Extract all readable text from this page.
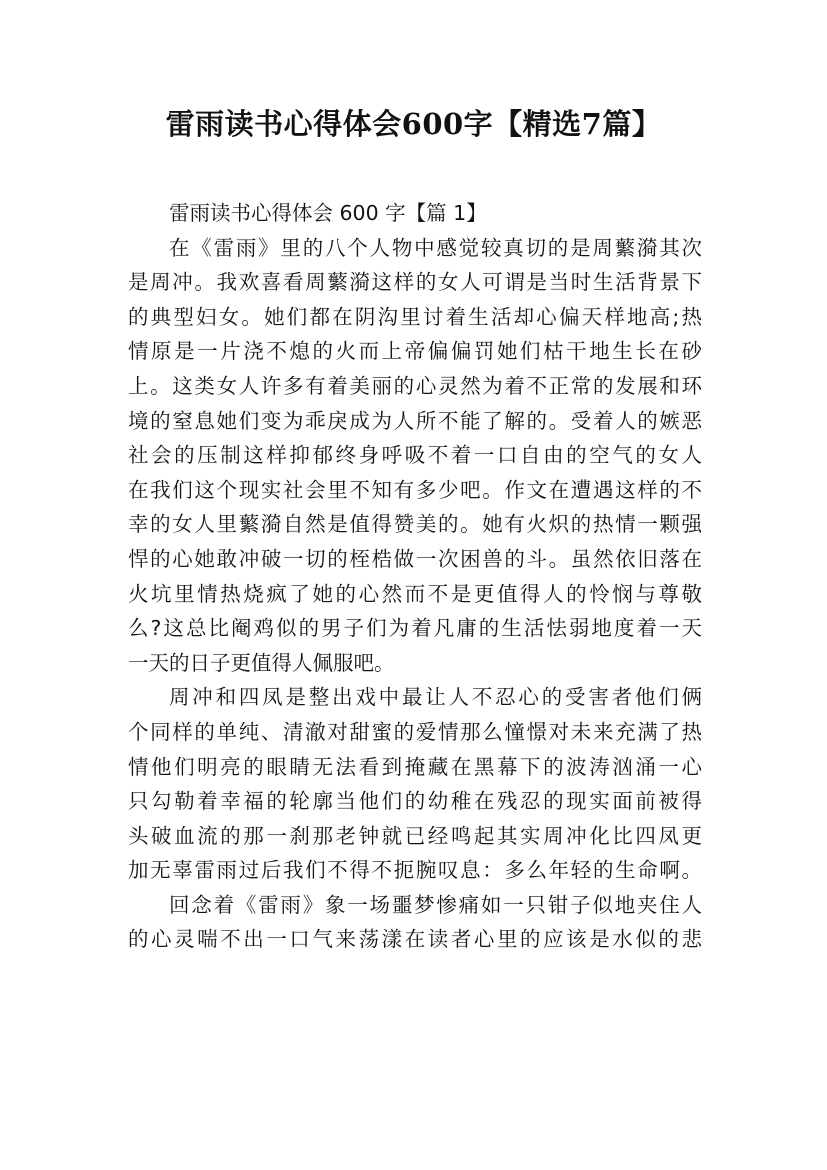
雷雨读书心得体会600字【精选7篇】
雷雨读书心得体会 600 字【篇 1】
在《雷雨》里的八个人物中感觉较真切的是周蘩漪其次
是周冲。我欢喜看周蘩漪这样的女人可谓是当时生活背景下
的典型妇女。她们都在阴沟里讨着生活却心偏天样地高;热
情原是一片浇不熄的火而上帝偏偏罚她们枯干地生长在砂
上。这类女人许多有着美丽的心灵然为着不正常的发展和环
境的窒息她们变为乖戾成为人所不能了解的。受着人的嫉恶
社会的压制这样抑郁终身呼吸不着一口自由的空气的女人
在我们这个现实社会里不知有多少吧。作文在遭遇这样的不
幸的女人里蘩漪自然是值得赞美的。她有火炽的热情一颗强
悍的心她敢冲破一切的桎梏做一次困兽的斗。虽然依旧落在
火坑里情热烧疯了她的心然而不是更值得人的怜悯与尊敬
么?这总比阉鸡似的男子们为着凡庸的生活怯弱地度着一天
一天的日子更值得人佩服吧。
周冲和四凤是整出戏中最让人不忍心的受害者他们俩
个同样的单纯、清澈对甜蜜的爱情那么憧憬对未来充满了热
情他们明亮的眼睛无法看到掩藏在黑幕下的波涛汹涌一心
只勾勒着幸福的轮廓当他们的幼稚在残忍的现实面前被得
头破血流的那一刹那老钟就已经鸣起其实周冲化比四凤更
加无辜雷雨过后我们不得不扼腕叹息：多么年轻的生命啊。
回念着《雷雨》象一场噩梦惨痛如一只钳子似地夹住人
的心灵喘不出一口气来荡漾在读者心里的应该是水似的悲
